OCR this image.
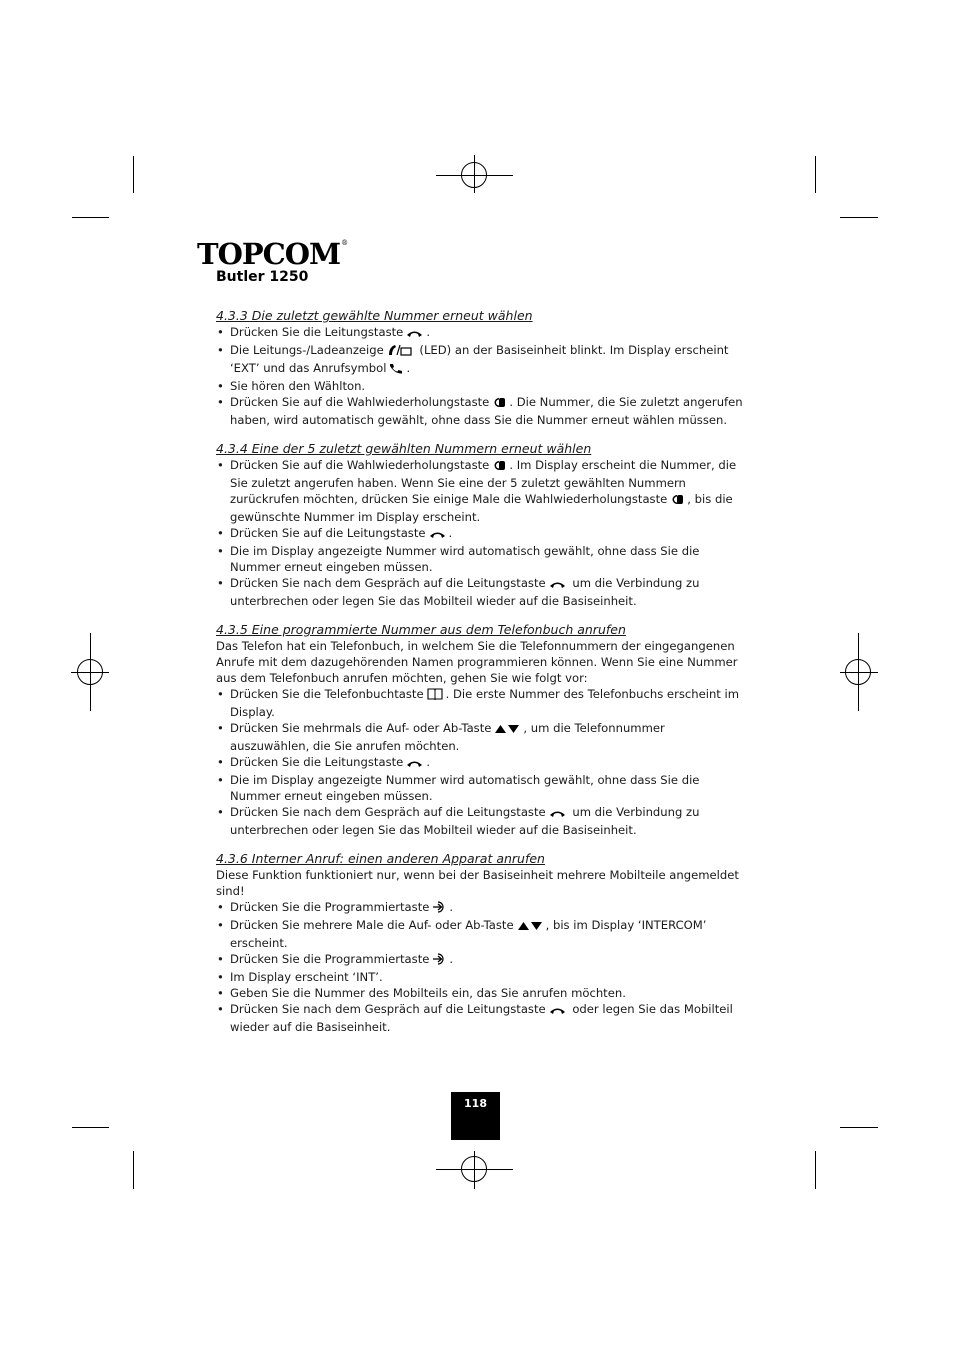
TOPCOM®
Butler 1250

4.3.3 Die zuletzt gewählte Nummer erneut wählen

• Drücken Sie die Leitungstaste .
• Die Leitungs-/Ladeanzeige	(LED) an der Basiseinheit blinkt. Im Display erscheint ‘EXT’ und das Anrufsymbol .
• Sie hören den Wählton.
• Drücken Sie auf die Wahlwiederholungstaste . Die Nummer, die Sie zuletzt angerufen haben, wird automatisch gewählt, ohne dass Sie die Nummer erneut wählen müssen.

4.3.4 Eine der 5 zuletzt gewählten Nummern erneut wählen

• Drücken Sie auf die Wahlwiederholungstaste . Im Display erscheint die Nummer, die Sie zuletzt angerufen haben. Wenn Sie eine der 5 zuletzt gewählten Nummern zurückrufen möchten, drücken Sie einige Male die Wahlwiederholungstaste , bis die gewünschte Nummer im Display erscheint.
• Drücken Sie auf die Leitungstaste .
• Die im Display angezeigte Nummer wird automatisch gewählt, ohne dass Sie die Nummer erneut eingeben müssen.
• Drücken Sie nach dem Gespräch auf die Leitungstaste um die Verbindung zu unterbrechen oder legen Sie das Mobilteil wieder auf die Basiseinheit.

4.3.5 Eine programmierte Nummer aus dem Telefonbuch anrufen

Das Telefon hat ein Telefonbuch, in welchem Sie die Telefonnummern der eingegangenen Anrufe mit dem dazugehörenden Namen programmieren können. Wenn Sie eine Nummer aus dem Telefonbuch anrufen möchten, gehen Sie wie folgt vor:

• Drücken Sie die Telefonbuchtaste . Die erste Nummer des Telefonbuchs erscheint im Display.
• Drücken Sie mehrmals die Auf- oder Ab-Taste	, um die Telefonnummer auszuwählen, die Sie anrufen möchten.
• Drücken Sie die Leitungstaste .
• Die im Display angezeigte Nummer wird automatisch gewählt, ohne dass Sie die Nummer erneut eingeben müssen.
• Drücken Sie nach dem Gespräch auf die Leitungstaste um die Verbindung zu unterbrechen oder legen Sie das Mobilteil wieder auf die Basiseinheit.

4.3.6 Interner Anruf: einen anderen Apparat anrufen

Diese Funktion funktioniert nur, wenn bei der Basiseinheit mehrere Mobilteile angemeldet sind!

• Drücken Sie die Programmiertaste .
• Drücken Sie mehrere Male die Auf- oder Ab-Taste	, bis im Display ‘INTERCOM’ erscheint.
• Drücken Sie die Programmiertaste .
• Im Display erscheint ‘INT’.
• Geben Sie die Nummer des Mobilteils ein, das Sie anrufen möchten.
• Drücken Sie nach dem Gespräch auf die Leitungstaste oder legen Sie das Mobilteil wieder auf die Basiseinheit.
118
